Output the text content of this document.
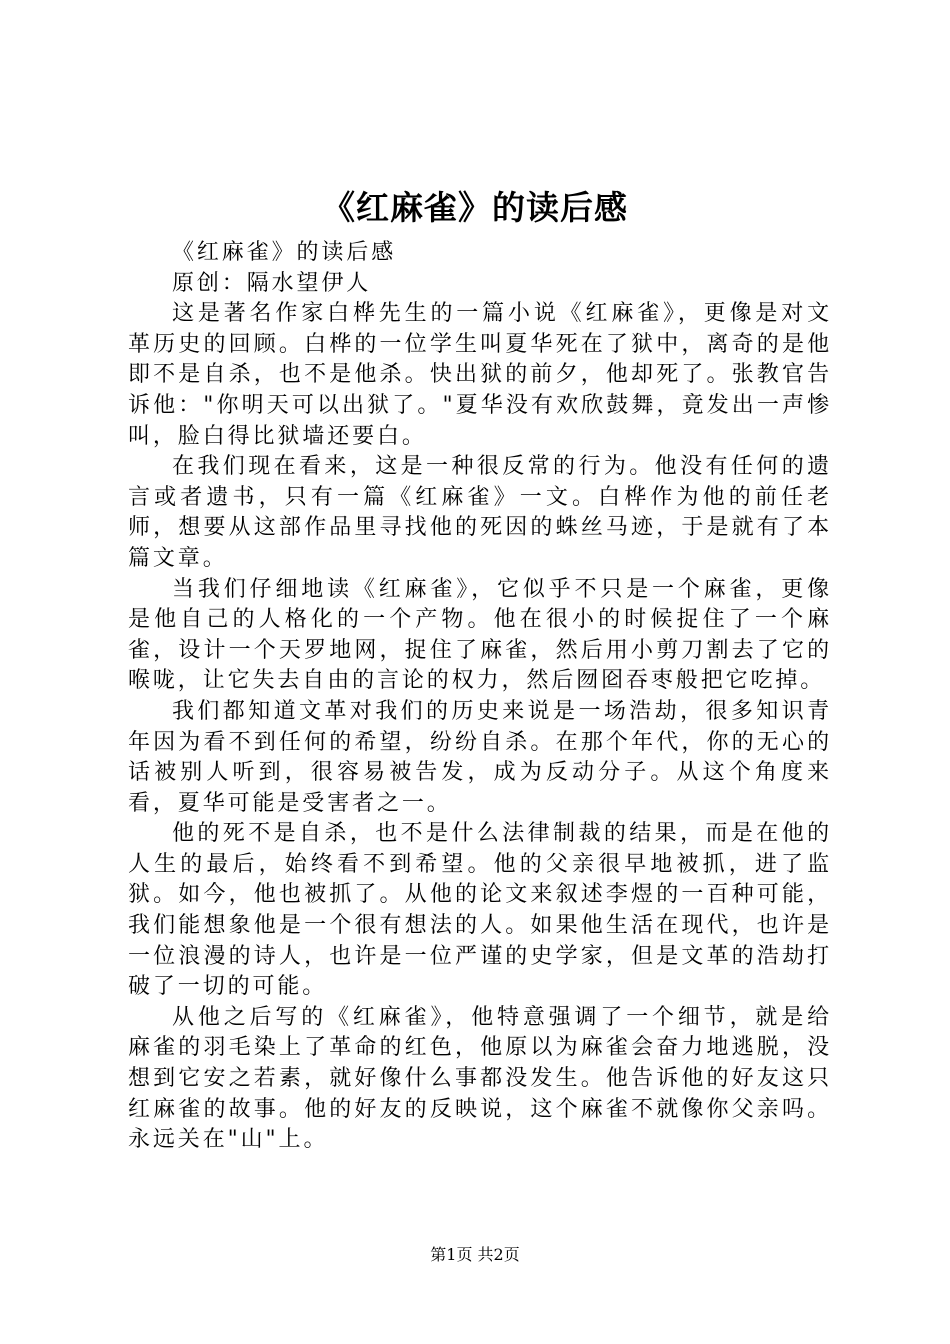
《红麻雀》的读后感

《红麻雀》的读后感

原创：隔水望伊人

这是著名作家白桦先生的一篇小说《红麻雀》，更像是对文革历史的回顾。白桦的一位学生叫夏华死在了狱中，离奇的是他即不是自杀，也不是他杀。快出狱的前夕，他却死了。张教官告诉他："你明天可以出狱了。"夏华没有欢欣鼓舞，竟发出一声惨叫，脸白得比狱墙还要白。

在我们现在看来，这是一种很反常的行为。他没有任何的遗言或者遗书，只有一篇《红麻雀》一文。白桦作为他的前任老师，想要从这部作品里寻找他的死因的蛛丝马迹，于是就有了本篇文章。

当我们仔细地读《红麻雀》，它似乎不只是一个麻雀，更像是他自己的人格化的一个产物。他在很小的时候捉住了一个麻雀，设计一个天罗地网，捉住了麻雀，然后用小剪刀割去了它的喉咙，让它失去自由的言论的权力，然后囫囵吞枣般把它吃掉。

我们都知道文革对我们的历史来说是一场浩劫，很多知识青年因为看不到任何的希望，纷纷自杀。在那个年代，你的无心的话被别人听到，很容易被告发，成为反动分子。从这个角度来看，夏华可能是受害者之一。

他的死不是自杀，也不是什么法律制裁的结果，而是在他的人生的最后，始终看不到希望。他的父亲很早地被抓，进了监狱。如今，他也被抓了。从他的论文来叙述李煜的一百种可能，我们能想象他是一个很有想法的人。如果他生活在现代，也许是一位浪漫的诗人，也许是一位严谨的史学家，但是文革的浩劫打破了一切的可能。

从他之后写的《红麻雀》，他特意强调了一个细节，就是给麻雀的羽毛染上了革命的红色，他原以为麻雀会奋力地逃脱，没想到它安之若素，就好像什么事都没发生。他告诉他的好友这只红麻雀的故事。他的好友的反映说，这个麻雀不就像你父亲吗。永远关在"山"上。

第1页 共2页
